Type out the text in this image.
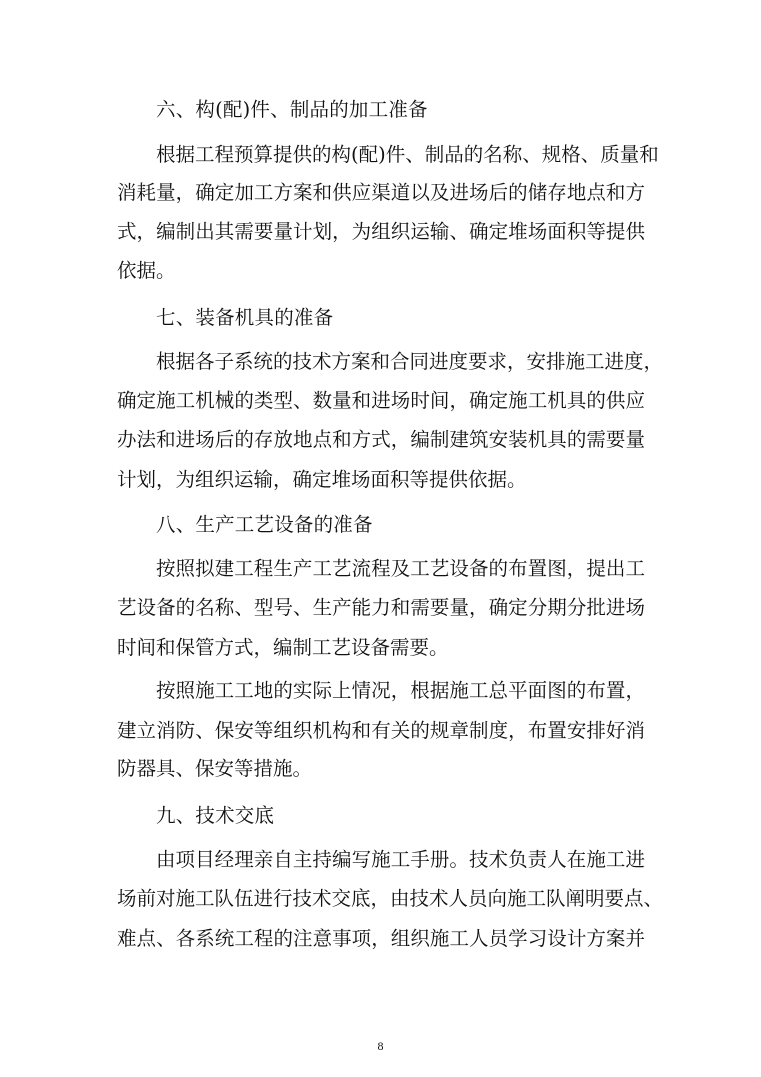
六、构(配)件、制品的加工准备
根据工程预算提供的构(配)件、制品的名称、规格、质量和
消耗量，确定加工方案和供应渠道以及进场后的储存地点和方
式，编制出其需要量计划，为组织运输、确定堆场面积等提供
依据。
七、装备机具的准备
根据各子系统的技术方案和合同进度要求，安排施工进度，
确定施工机械的类型、数量和进场时间，确定施工机具的供应
办法和进场后的存放地点和方式，编制建筑安装机具的需要量
计划，为组织运输，确定堆场面积等提供依据。
八、生产工艺设备的准备
按照拟建工程生产工艺流程及工艺设备的布置图，提出工
艺设备的名称、型号、生产能力和需要量，确定分期分批进场
时间和保管方式，编制工艺设备需要。
按照施工工地的实际上情况，根据施工总平面图的布置，
建立消防、保安等组织机构和有关的规章制度，布置安排好消
防器具、保安等措施。
九、技术交底
由项目经理亲自主持编写施工手册。技术负责人在施工进
场前对施工队伍进行技术交底，由技术人员向施工队阐明要点、
难点、各系统工程的注意事项，组织施工人员学习设计方案并
8
